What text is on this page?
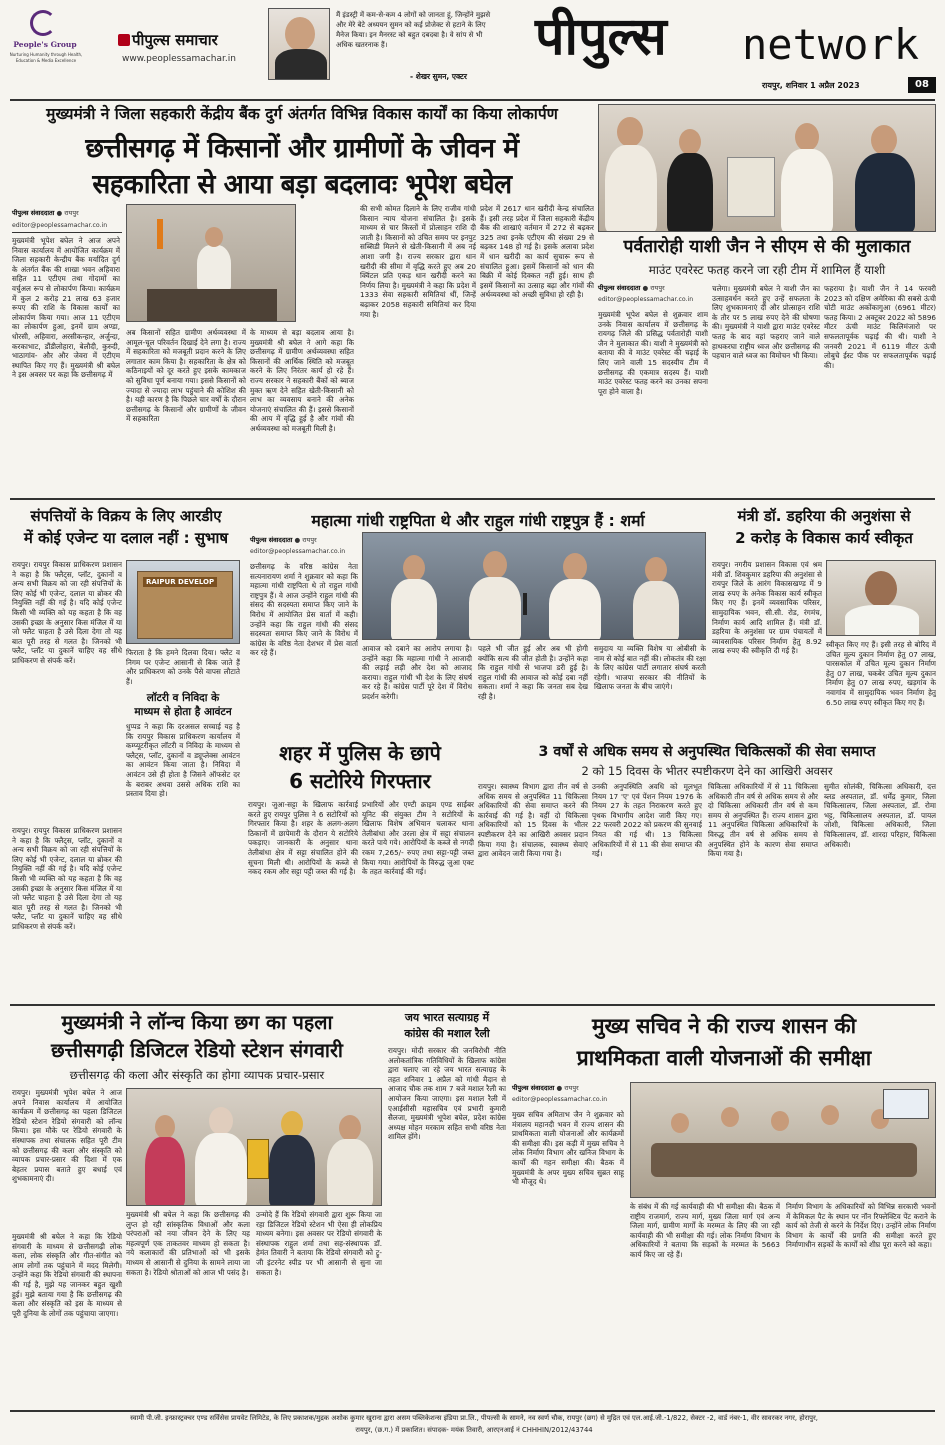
People's Group
Nurturing Humanity through Health, Education & Media Excellence
पीपुल्स समाचार
www.peoplessamachar.in
मैं इंडस्ट्री में कम-से-कम 4 लोगों को जानता हूं, जिन्होंने मुझसे और मेरे बेटे अध्ययन सुमन को कई प्रोजेक्ट से हटाने के लिए मैनेज किया। इन मैनरस्ट को बहुत दबदबा है। वे सांप से भी अधिक खतरनाक हैं।
- शेखर सुमन, एक्टर
पीपुल्स network
रायपुर, शनिवार 1 अप्रैल 2023	08
मुख्यमंत्री ने जिला सहकारी केंद्रीय बैंक दुर्ग अंतर्गत विभिन्न विकास कार्यों का किया लोकार्पण
छत्तीसगढ़ में किसानों और ग्रामीणों के जीवन में
सहकारिता से आया बड़ा बदलावः भूपेश बघेल
पीपुल्स संवाददाता ● रायपुर
editor@peoplessamachar.co.in
मुख्यमंत्री भूपेश बघेल ने आज अपने निवास कार्यालय में आयोजित कार्यक्रम में जिला सहकारी केन्द्रीय बैंक मर्यादित दुर्ग के अंतर्गत बैंक की शाखा भवन अहिवारा सहित 11 एटीएम तथा गोदामों का वर्चुअल रूप से लोकार्पण किया। कार्यक्रम में कुल 2 करोड़ 21 लाख 63 हजार रूपए की राशि के विकास कार्यों का लोकार्पण किया गया। आज 11 एटीएम का लोकार्पण हुआ, इनमें ग्राम अण्डा, धोरसी, अहिवारा, अरसीकन्हार, अर्जुन्दा, करकाभाट, डौंडीलोहारा, बेलौदी, कुरुदी, भाठागांव- और और जेवरा में एटीएम स्थापित किए गए हैं। मुख्यमंत्री श्री बघेल ने इस अवसर पर कहा कि छत्तीसगढ़ में
अब किसानों सहित ग्रामीण अर्थव्यवस्था में आमूल-चूल परिवर्तन दिखाई देने लगा है। राज्य में सहकारिता को मजबूती प्रदान करने के लिए लगातार काम किया है। सहकारिता के क्षेत्र को कठिनाइयों को दूर करते हुए इसके कामकाज को सुविधा पूर्ण बनाया गया। इससे किसानों को ज्यादा से ज्यादा लाभ पहुंचाने की कोशिश की है। यही कारण है कि पिछले चार वर्षों के दौरान छत्तीसगढ़ के किसानों और ग्रामीणों के जीवन में सहकारिता
के माध्यम से बड़ा बदलाव आया है। मुख्यमंत्री श्री बघेल ने आगे कहा कि छत्तीसगढ़ में ग्रामीण अर्थव्यवस्था सहित किसानों की आर्थिक स्थिति को मजबूत करने के लिए निरंतर कार्य हो रहे हैं। राज्य सरकार ने सहकारी बैंकों को ब्याज मुक्त ऋण देने सहित खेती-किसानी को लाभ का व्यवसाय बनाने की अनेक योजनाएं संचालित की हैं। इससे किसानों की आय में वृद्धि हुई है और गांवों की अर्थव्यवस्था को मजबूती मिली है।
की सभी कोमत दिलाने के लिए राजीव गांधी किसान न्याय योजना संचालित है। इसके माध्यम से चार किस्तों में प्रोत्साहन राशि दी जाती है। किसानों को उचित समय पर इनपुट सब्सिडी मिलने से खेती-किसानी में अब नई आशा जगी है। राज्य सरकार द्वारा धान खरीदी की सीमा में वृद्धि करते हुए अब 20 क्विंटल प्रति एकड़ धान खरीदी करने का निर्णय लिया है। मुख्यमंत्री ने कहा कि प्रदेश में 1333 सेवा सहकारी समितियां थीं, जिन्हें बढ़ाकर 2058 सहकारी समितियां कर दिया गया है।
प्रदेश में 2617 धान खरीदी केन्द्र संचालित हैं। इसी तरह प्रदेश में जिला सहकारी केंद्रीय बैंक की शाखाएं वर्तमान में 272 से बढ़कर 325 तथा इनके एटीएम की संख्या 29 से बढ़कर 148 हो गई है। इसके अलावा प्रदेश में धान खरीदी का कार्य सुचारू रूप से संचालित हुआ। इसमें किसानों को धान की बिक्री में कोई दिक्कत नहीं हुई। साथ ही इसमें किसानों का उत्साह बढ़ा और गांवों की अर्थव्यवस्था को अच्छी सुविधा हो रही है।
पर्वतारोही याशी जैन ने सीएम से की मुलाकात
माउंट एवरेस्ट फतह करने जा रही टीम में शामिल हैं याशी
पीपुल्स संवाददाता ● रायपुर
editor@peoplessamachar.co.in
मुख्यमंत्री भूपेश बघेल से शुक्रवार शाम उनके निवास कार्यालय में छत्तीसगढ़ के रायगढ़ जिले की प्रसिद्ध पर्वतारोही याशी जैन ने मुलाकात की। याशी ने मुख्यमंत्री को बताया की वे माउंट एवरेस्ट की चढ़ाई के लिए जाने वाली 15 सदस्यीय टीम में छत्तीसगढ़ की एकमात्र सदस्य हैं। याशी माउंट एवरेस्ट फतह करने का उनका सपना पूरा होने वाला है।
चलेगा। मुख्यमंत्री बघेल ने याशी जैन का उत्साहवर्धन करते हुए उन्हें सफलता के लिए शुभकामनाएं दीं और प्रोत्साहन राशि के तौर पर 5 लाख रुपए देने की घोषणा की। मुख्यमंत्री ने याशी द्वारा माउंट एवरेस्ट फतह के बाद वहां फहराए जाने वाले हाथकरघा राष्ट्रीय ध्वज और छत्तीसगढ़ की पहचान वाले ध्वज का विमोचन भी किया।
फहराया है। याशी जैन ने 14 फरवरी 2023 को दक्षिण अमेरिका की सबसे ऊंची चोटी माउंट अकोंकागुआ (6961 मीटर) फतह किया। 2 अक्टूबर 2022 को 5896 मीटर ऊंची माउंट किलिमंजारो पर सफलतापूर्वक चढ़ाई की थी। याशी ने जनवरी 2021 में 6119 मीटर ऊंची लोबुचे ईस्ट पीक पर सफलतापूर्वक चढ़ाई की।
संपत्तियों के विक्रय के लिए आरडीए
में कोई एजेन्ट या दलाल नहीं : सुभाष
रायपुर। रायपुर विकास प्राधिकरण प्रशासन ने कहा है कि फ्लैट्स, प्लॉट, दुकानों व अन्य सभी विक्रय को जा रही संपत्तियों के लिए कोई भी एजेन्ट, दलाल या ब्रोकर की नियुक्ति नहीं की गई है। यदि कोई एजेन्ट किसी भी व्यक्ति को यह कहता है कि वह उसकी इच्छा के अनुसार किस मंजिल में या जो फ्लैट चाहता है उसे दिला देगा तो यह बात पूरी तरह से गलत है। जिनको भी फ्लैट, प्लॉट या दुकानें चाहिए वह सीधे प्राधिकरण से संपर्क करें।
RAIPUR DEVELOP
फिराता है कि हमने दिलवा दिया। फ्लैट व निगम पर एजेन्ट आसानी से बिक जाते हैं और प्राधिकरण को उनके पैसे वापस लौटाते हैं।
लॉटरी व निविदा के
माध्यम से होता है आवंटन
धुप्पड ने कहा कि दरअसल सच्चाई यह है कि रायपुर विकास प्राधिकरण कार्यालय में कम्प्यूटरीकृत लॉटरी व निविदा के माध्यम से फ्लैट्स, प्लॉट, दुकानों व ड्यूप्लेक्स आवंटन का आवंटन किया जाता है। निविदा में आवंटन उसे ही होता है जिसने ऑफसेट दर के बराबर अथवा उससे अधिक राशि का प्रस्ताव दिया हो।
रायपुर। रायपुर विकास प्राधिकरण प्रशासन ने कहा है कि फ्लैट्स, प्लॉट, दुकानों व अन्य सभी विक्रय को जा रही संपत्तियों के लिए कोई भी एजेन्ट, दलाल या ब्रोकर की नियुक्ति नहीं की गई है। यदि कोई एजेन्ट किसी भी व्यक्ति को यह कहता है कि वह उसकी इच्छा के अनुसार किस मंजिल में या जो फ्लैट चाहता है उसे दिला देगा तो यह बात पूरी तरह से गलत है। जिनको भी फ्लैट, प्लॉट या दुकानें चाहिए वह सीधे प्राधिकरण से संपर्क करें।
महात्मा गांधी राष्ट्रपिता थे और राहुल गांधी राष्ट्रपुत्र हैं : शर्मा
पीपुल्स संवाददाता ● रायपुर
editor@peoplessamachar.co.in
छत्तीसगढ़ के वरिष्ठ कांग्रेस नेता सत्यनारायण शर्मा ने शुक्रवार को कहा कि महात्मा गांधी राष्ट्रपिता थे तो राहुल गांधी राष्ट्रपुत्र हैं। वे आज उन्होंने राहुल गांधी की संसद की सदस्यता समाप्त किए जाने के विरोध में आयोजित प्रेस वार्ता में कही। उन्होंने कहा कि राहुल गांधी की संसद सदस्यता समाप्त किए जाने के विरोध में कांग्रेस के वरिष्ठ नेता देशभर में प्रेस वार्ता कर रहे हैं।	आवाज को दबाने का आरोप लगाया है। उन्होंने कहा कि महात्मा गांधी ने आजादी की लड़ाई लड़ी और देश को आजाद कराया। राहुल गांधी भी देश के लिए संघर्ष कर रहे हैं। कांग्रेस पार्टी पूरे देश में विरोध प्रदर्शन करेगी।
पहले भी जीत हुई और अब भी होगी क्योंकि सत्य की जीत होती है। उन्होंने कहा कि राहुल गांधी से भाजपा डरी हुई है। राहुल गांधी की आवाज को कोई दबा नहीं सकता। शर्मा ने कहा कि जनता सब देख रही है।
समुदाय या व्यक्ति विशेष या ओबीसी के नाम से कोई बात नहीं की। लोकतंत्र की रक्षा के लिए कांग्रेस पार्टी लगातार संघर्ष करती रहेगी। भाजपा सरकार की नीतियों के खिलाफ जनता के बीच जाएंगे।
मंत्री डॉ. डहरिया की अनुशंसा से
2 करोड़ के विकास कार्य स्वीकृत
रायपुर। नगरीय प्रशासन विकास एवं श्रम मंत्री डॉ. शिवकुमार डहरिया की अनुशंसा से रायपुर जिले के आरंग विकासखण्ड में 9 लाख रुपए के अनेक विकास कार्य स्वीकृत किए गए हैं। इनमें व्यवसायिक परिसर, सामुदायिक भवन, सी.सी. रोड, रंगमंच, निर्माण कार्य आदि शामिल हैं। मंत्री डॉ. डहरिया के अनुशंसा पर ग्राम पंचायतों में व्यावसायिक परिसर निर्माण हेतु 8.92 लाख रुपए की स्वीकृति दी गई है।
स्वीकृत किए गए हैं। इसी तरह से बोरिद में उचित मूल्य दुकान निर्माण हेतु 07 लाख, पारसकोल में उचित मूल्य दुकान निर्माण हेतु 07 लाख, चकबेर उचित मूल्य दुकान निर्माण हेतु 07 लाख रुपए, खड़गांव के नवागांव में सामुदायिक भवन निर्माण हेतु 6.50 लाख रुपए स्वीकृत किए गए हैं।
शहर में पुलिस के छापे
6 सटोरिये गिरफ्तार
रायपुर। जुआ-सट्टा के खिलाफ कार्रवाई करते हुए रायपुर पुलिस ने 6 सटोरियों को गिरफ्तार किया है। शहर के अलग-अलग ठिकानों में छापेमारी के दौरान ये सटोरिये पकड़ाए। जानकारी के अनुसार थाना तेलीबांधा क्षेत्र में सट्टा संचालित होने की सूचना मिली थी। आरोपियों के कब्जे से नकद रकम और सट्टा पट्टी जब्त की गई है।
प्रभारियों और एण्टी क्राइम एण्ड साईबर यूनिट की संयुक्त टीम ने सटोरियों के खिलाफ विशेष अभियान चलाकर थाना तेलीबांधा और उरला क्षेत्र में सट्टा संचालन करते पाये गये। आरोपियों के कब्जे से नगदी रकम 7,265/- रुपए तथा सट्टा-पट्टी जब्त किया गया। आरोपियों के विरुद्ध जुआ एक्ट के तहत कार्रवाई की गई।
3 वर्षों से अधिक समय से अनुपस्थित चिकित्सकों की सेवा समाप्त
2 को 15 दिवस के भीतर स्पष्टीकरण देने का आखिरी अवसर
रायपुर। स्वास्थ्य विभाग द्वारा तीन वर्ष से अधिक समय से अनुपस्थित 11 चिकित्सा अधिकारियों की सेवा समाप्त करने की कार्रवाई की गई है। वहीं दो चिकित्सा अधिकारियों को 15 दिवस के भीतर स्पष्टीकरण देने का आखिरी अवसर प्रदान किया गया है। संचालक, स्वास्थ्य सेवाएं द्वारा आवेदन जारी किया गया है।
उनकी अनुपस्थिति अवधि को मूलभूत नियम 17 'ए' एवं पेंशन नियम 1976 के नियम 27 के तहत निराकरण करते हुए पृथक विभागीय आदेश जारी किए गए। 22 फरवरी 2022 को प्रकरण की सुनवाई नियत की गई थी। 13 चिकित्सा अधिकारियों में से 11 की सेवा समाप्त की गई।
चिकित्सा अधिकारियों में से 11 चिकित्सा अधिकारी तीन वर्ष से अधिक समय से और दो चिकित्सा अधिकारी तीन वर्ष से कम समय से अनुपस्थित हैं। राज्य शासन द्वारा 11 अनुपस्थित चिकित्सा अधिकारियों के विरुद्ध तीन वर्ष से अधिक समय से अनुपस्थित होने के कारण सेवा समाप्त किया गया है।
सुमीत सोलंकी, चिकित्सा अधिकारी, दत्त ब्लड अस्पताल, डॉ. धर्मेंद्र कुमार, जिला चिकित्सालय, जिला अस्पताल, डॉ. रोमा भट्ट, चिकित्सालय अस्पताल, डॉ. पायल जोशी, चिकित्सा अधिकारी, जिला चिकित्सालय, डॉ. शारदा परिहार, चिकित्सा अधिकारी।
मुख्यमंत्री ने लॉन्च किया छग का पहला
छत्तीसगढ़ी डिजिटल रेडियो स्टेशन संगवारी
छत्तीसगढ़ की कला और संस्कृति का होगा व्यापक प्रचार-प्रसार
रायपुर। मुख्यमंत्री भूपेश बघेल ने आज अपने निवास कार्यालय में आयोजित कार्यक्रम में छत्तीसगढ़ का पहला डिजिटल रेडियो स्टेशन रेडियो संगवारी को लॉन्च किया। इस मौके पर रेडियो संगवारी के संस्थापक तथा संचालक सहित पूरी टीम को छत्तीसगढ़ की कला और संस्कृति को व्यापक प्रचार-प्रसार की दिशा में एक बेहतर प्रयास बताते हुए बधाई एवं शुभकामनाएं दी।
मुख्यमंत्री श्री बघेल ने कहा कि रेडियो संगवारी के माध्यम से छत्तीसगढ़ी लोक कला, लोक संस्कृति और गीत-संगीत को आम लोगों तक पहुंचाने में मदद मिलेगी। उन्होंने कहा कि रेडियो संगवारी की स्थापना की गई है, मुझे यह जानकर बहुत खुशी हुई। मुझे बताया गया है कि छत्तीसगढ़ की कला और संस्कृति को इस के माध्यम से पूरी दुनिया के लोगों तक पहुंचाया जाएगा।
मुख्यमंत्री श्री बघेल ने कहा कि छत्तीसगढ़ की लुप्त हो रही सांस्कृतिक विधाओं और कला परंपराओं को नया जीवन देने के लिए यह महत्वपूर्ण एक ताकतवर माध्यम हो सकता है। नये कलाकारों की प्रतिभाओं को भी इसके माध्यम से आसानी से दुनिया के सामने लाया जा सकता है। रेडियो श्रोताओं को आज भी पसंद है।
उन्मोदे हैं कि रेडियो संगवारी द्वारा शुरू किया जा रहा डिजिटल रेडियो स्टेशन भी ऐसा ही लोकप्रिय माध्यम बनेगा। इस अवसर पर रेडियो संगवारी के संस्थापक राहुल शर्मा तथा सह-संस्थापक डॉ. हेमंत तिवारी ने बताया कि रेडियो संगवारी को ट्रू-जी इंटरनेट स्पीड पर भी आसानी से सुना जा सकता है।
जय भारत सत्याग्रह में
कांग्रेस की मशाल रैली
रायपुर। मोदी सरकार की जनविरोधी नीति अलोकतांत्रिक गतिविधियों के खिलाफ कांग्रेस द्वारा चलाए जा रहे जय भारत सत्याग्रह के तहत शनिवार 1 अप्रैल को गांधी मैदान से आजाद चौक तक शाम 7 बजे मशाल रैली का आयोजन किया जाएगा। इस मशाल रैली में एआईसीसी महासचिव एवं प्रभारी कुमारी सैलजा, मुख्यमंत्री भूपेश बघेल, प्रदेश कांग्रेस अध्यक्ष मोहन मरकाम सहित सभी वरिष्ठ नेता शामिल होंगे।
मुख्य सचिव ने की राज्य शासन की
प्राथमिकता वाली योजनाओं की समीक्षा
पीपुल्स संवाददाता ● रायपुर
editor@peoplessamachar.co.in
मुख्य सचिव अमिताभ जैन ने शुक्रवार को मंत्रालय महानदी भवन में राज्य शासन की प्राथमिकता वाली योजनाओं और कार्यक्रमों की समीक्षा की। इस कड़ी में मुख्य सचिव ने लोक निर्माण विभाग और खनिज विभाग के कार्यों की गहन समीक्षा की। बैठक में मुख्यमंत्री के अपर मुख्य सचिव सुब्रत साहू भी मौजूद थे।
के संबंध में की गई कार्यवाही की भी समीक्षा की। बैठक में राष्ट्रीय राजमार्ग, राज्य मार्ग, मुख्य जिला मार्ग एवं अन्य जिला मार्ग, ग्रामीण मार्गों के मरम्मत के लिए की जा रही कार्यवाही की भी समीक्षा की गई। लोक निर्माण विभाग के अधिकारियों ने बताया कि सड़कों के मरम्मत के 5663 कार्य किए जा रहे हैं।
निर्माण विभाग के अधिकारियों को विभिन्न सरकारी भवनों में केमिकल पैट के स्थान पर नॉन रिफ्लेक्टिव पेंट कराने के कार्य को तेजी से करने के निर्देश दिए। उन्होंने लोक निर्माण विभाग के कार्यों की प्रगति की समीक्षा करते हुए निर्माणाधीन सड़कों के कार्यों को शीघ्र पूरा करने को कहा।
स्वामी पी.जी. इन्फ्रास्ट्रक्चर एण्ड सर्विसेस प्रायवेट लिमिटेड, के लिए प्रकाशक/मुद्रक अशोक कुमार खुराना द्वारा असम पब्लिकेशन्स इंडिया प्रा.लि., पीपल्सी के सामने, नव स्वर्ण चौक, रायपुर (छग) से मुद्रित एवं एल.आई.जी.-1/822, सेक्टर -2, वार्ड नंबर-1, वीर सावरकर नगर, होरापुर,
रायपुर, (छ.ग.) में प्रकाशित। संपादक- मयंक तिवारी, आरएनआई नं CHHHIN/2012/43744
